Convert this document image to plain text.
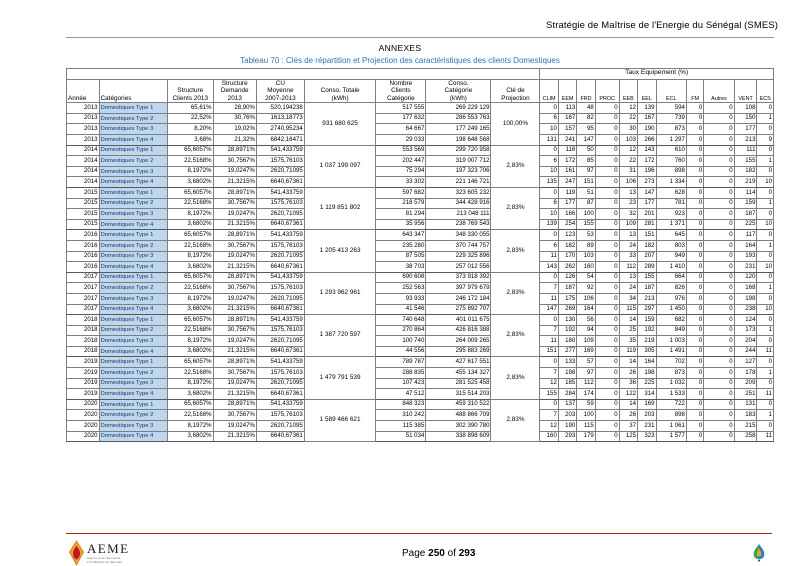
Stratégie de Maîtrise de l'Energie du Sénégal (SMES)
ANNEXES
Tableau 70 : Clés de répartition et Projection des caractéristiques des clients Domestiques
									Taux Equipement (%)										
Année	Catégories	Structure
Clients 2013	Structure
Demande
2013	CU
Moyenne
2007-2013	Conso. Totale
(kWh)	Nombre
Clients
Catégorie	Conso.
Catégorie
(kWh)	Clé de
Projection	CLIM	EEM	FRD	PROC	EEB	EEL	ECL	FM	Autres	VENT	ECS
2013	Domestiques Type 1	65,61%	28,90%	520,194238	931 680 625	517 555	269 229 129	100,00%	0	113	48	0	12	139	594	0	0	108	0
2013	Domestiques Type 2	22,52%	30,76%	1613,18773		177 632	286 553 763		6	167	82	0	22	167	739	0	0	150	1
2013	Domestiques Type 3	8,20%	19,02%	2740,95234		64 667	177 249 165		10	157	95	0	30	190	873	0	0	177	0
2013	Domestiques Type 4	3,68%	21,32%	6842,16471		29 033	198 648 568		131	241	147	0	103	266	1 297	0	0	213	9
2014	Domestiques Type 1	65,6057%	28,8971%	541,433759	1 037 199 097	553 569	299 720 958	2,83%	0	116	50	0	12	143	610	0	0	111	0
2014	Domestiques Type 2	22,5168%	30,7567%	1575,76103		202 447	319 007 712		6	172	85	0	22	172	760	0	0	155	1
2014	Domestiques Type 3	8,1972%	19,0247%	2620,71095		75 294	197 323 706		10	161	97	0	31	196	898	0	0	182	0
2014	Domestiques Type 4	3,6802%	21,3215%	6640,67361		33 302	221 146 721		135	247	151	0	106	273	1 334	0	0	219	10
2015	Domestiques Type 1	65,6057%	28,8971%	541,433759	1 119 851 802	597 682	323 605 232	2,83%	0	119	51	0	13	147	628	0	0	114	0
2015	Domestiques Type 2	22,5168%	30,7567%	1575,76103		218 579	344 428 916		6	177	87	0	23	177	781	0	0	159	1
2015	Domestiques Type 3	8,1972%	19,0247%	2620,71095		81 294	213 048 111		10	166	100	0	32	201	923	0	0	187	0
2015	Domestiques Type 4	3,6802%	21,3215%	6640,67361		35 956	238 769 543		139	254	155	0	109	281	1 371	0	0	225	10
2016	Domestiques Type 1	65,6057%	28,8971%	541,433759	1 205 413 263	643 347	348 330 055	2,83%	0	123	53	0	13	151	645	0	0	117	0
2016	Domestiques Type 2	22,5168%	30,7567%	1575,76103		235 280	370 744 757		6	182	89	0	24	182	803	0	0	164	1
2016	Domestiques Type 3	8,1972%	19,0247%	2620,71095		87 505	229 325 896		11	170	103	0	33	207	949	0	0	193	0
2016	Domestiques Type 4	3,6802%	21,3215%	6640,67361		38 703	257 012 556		143	262	160	0	112	289	1 410	0	0	231	10
2017	Domestiques Type 1	65,6057%	28,8971%	541,433759	1 293 962 961	690 608	373 918 392	2,83%	0	126	54	0	13	155	664	0	0	120	0
2017	Domestiques Type 2	22,5168%	30,7567%	1575,76103		252 563	397 979 679		7	187	92	0	24	187	826	0	0	168	1
2017	Domestiques Type 3	8,1972%	19,0247%	2620,71095		93 933	246 172 184		11	175	106	0	34	213	976	0	0	198	0
2017	Domestiques Type 4	3,6802%	21,3215%	6640,67361		41 546	275 892 707		147	269	164	0	115	297	1 450	0	0	238	10
2018	Domestiques Type 1	65,6057%	28,8971%	541,433759	1 387 720 597	740 648	401 011 675	2,83%	0	130	56	0	14	159	682	0	0	124	0
2018	Domestiques Type 2	22,5168%	30,7567%	1575,76103		270 864	426 816 388		7	192	94	0	25	192	849	0	0	173	1
2018	Domestiques Type 3	8,1972%	19,0247%	2620,71095		100 740	264 009 265		11	180	109	0	35	219	1 003	0	0	204	0
2018	Domestiques Type 4	3,6802%	21,3215%	6640,67361		44 556	295 883 269		151	277	169	0	119	305	1 491	0	0	244	11
2019	Domestiques Type 1	65,6057%	28,8971%	541,433759	1 479 791 539	789 787	427 617 551	2,83%	0	133	57	0	14	164	702	0	0	127	0
2019	Domestiques Type 2	22,5168%	30,7567%	1575,76103		288 835	455 134 327		7	198	97	0	26	198	873	0	0	178	1
2019	Domestiques Type 3	8,1972%	19,0247%	2620,71095		107 423	281 525 458		12	185	112	0	36	225	1 032	0	0	209	0
2019	Domestiques Type 4	3,6802%	21,3215%	6640,67361		47 512	315 514 203		155	284	174	0	122	314	1 533	0	0	251	11
2020	Domestiques Type 1	65,6057%	28,8971%	541,433759	1 589 466 621	848 323	459 310 522	2,83%	0	137	59	0	14	169	722	0	0	131	0
2020	Domestiques Type 2	22,5168%	30,7567%	1575,76103		310 242	488 866 709		7	203	100	0	26	203	898	0	0	183	1
2020	Domestiques Type 3	8,1972%	19,0247%	2620,71095		115 385	302 390 780		12	190	115	0	37	231	1 061	0	0	215	0
2020	Domestiques Type 4	3,6802%	21,3215%	6640,67361		51 034	338 898 609		160	293	179	0	125	323	1 577	0	0	258	11
AEME
Agence pour l'Economie
et la Maitrise de l'Energie
Page 250 of 293
